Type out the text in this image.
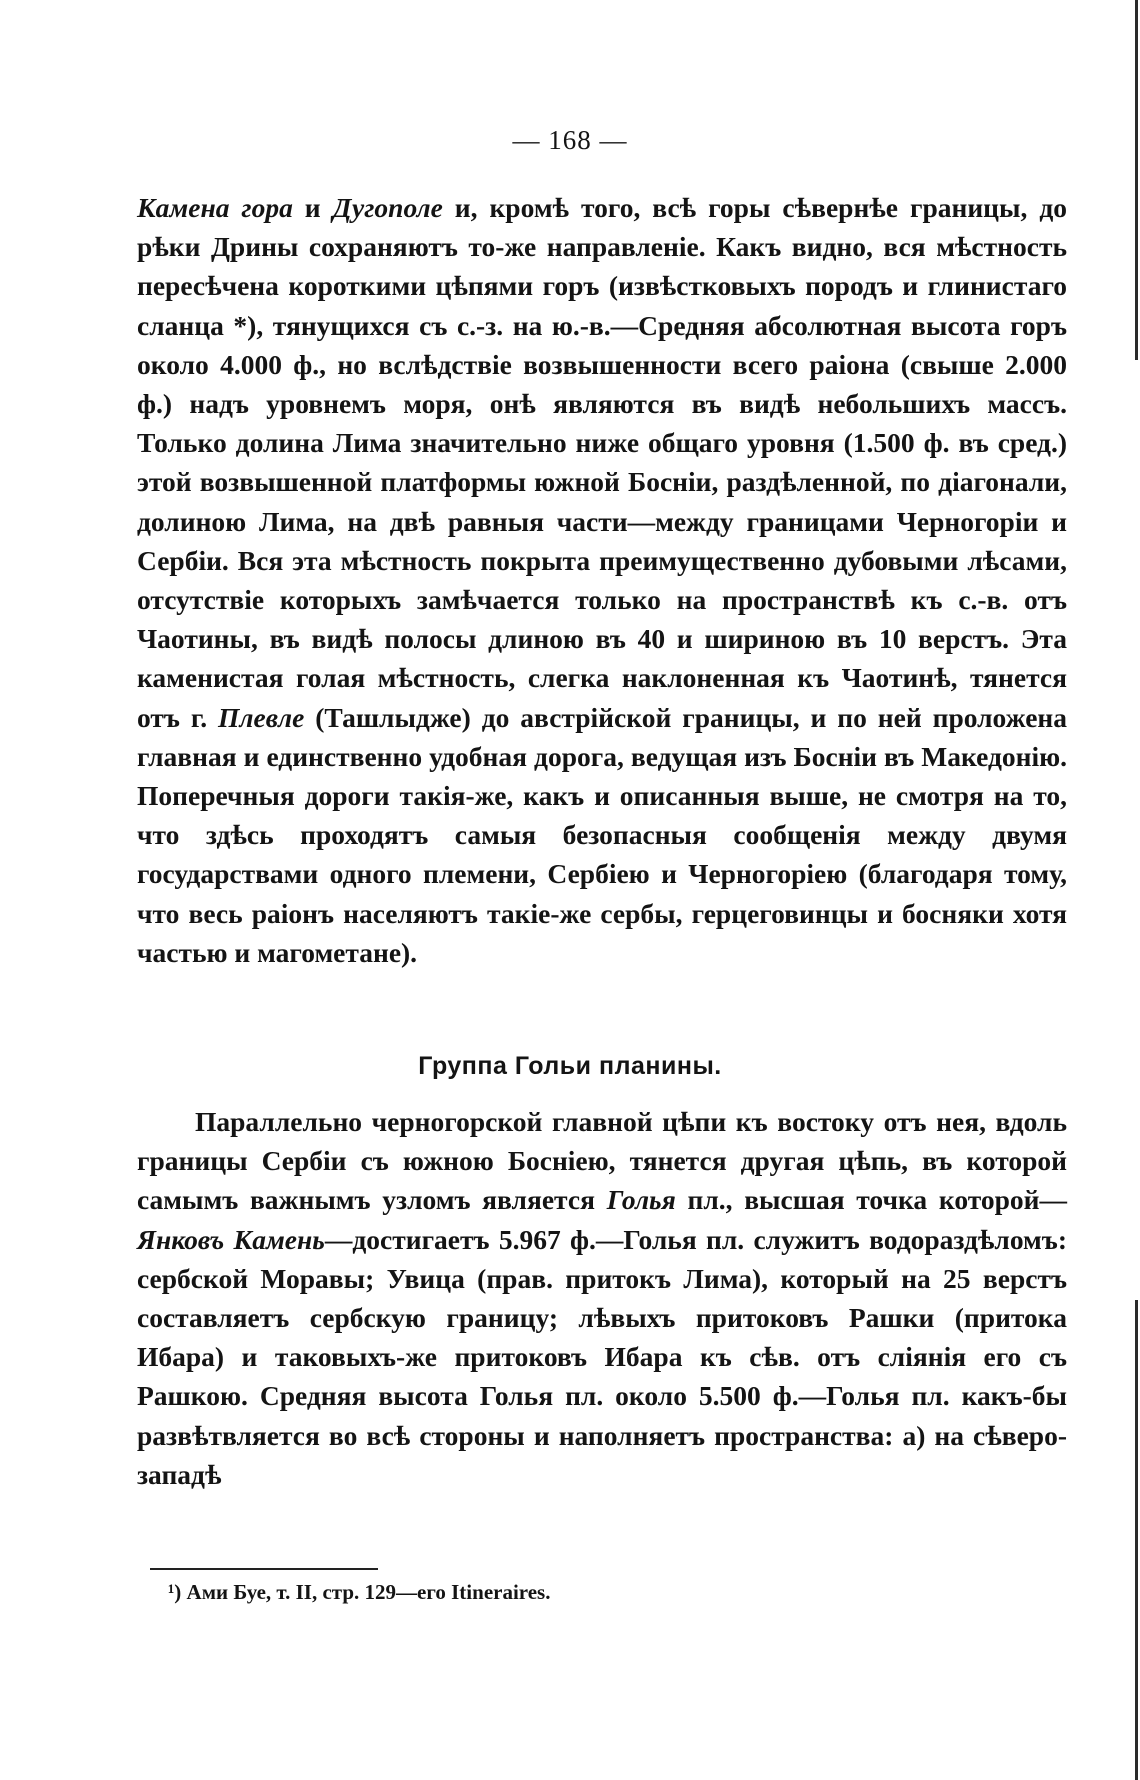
— 168 —
Камена гора и Дугополе и, кромѣ того, всѣ горы сѣвернѣе границы, до рѣки Дрины сохраняютъ то-же направленіе. Какъ видно, вся мѣстность пересѣчена короткими цѣпями горъ (извѣстковыхъ породъ и глинистаго сланца *), тянущихся съ с.-з. на ю.-в.—Средняя абсолютная высота горъ около 4.000 ф., но вслѣдствіе возвышенности всего раіона (свыше 2.000 ф.) надъ уровнемъ моря, онѣ являются въ видѣ небольшихъ массъ. Только долина Лима значительно ниже общаго уровня (1.500 ф. въ сред.) этой возвышенной платформы южной Босніи, раздѣленной, по діагонали, долиною Лима, на двѣ равныя части—между границами Черногоріи и Сербіи. Вся эта мѣстность покрыта преимущественно дубовыми лѣсами, отсутствіе которыхъ замѣчается только на пространствѣ къ с.-в. отъ Чаотины, въ видѣ полосы длиною въ 40 и шириною въ 10 верстъ. Эта каменистая голая мѣстность, слегка наклоненная къ Чаотинѣ, тянется отъ г. Плевле (Ташлыдже) до австрійской границы, и по ней проложена главная и единственно удобная дорога, ведущая изъ Босніи въ Македонію. Поперечныя дороги такія-же, какъ и описанныя выше, не смотря на то, что здѣсь проходятъ самыя безопасныя сообщенія между двумя государствами одного племени, Сербіею и Черногоріею (благодаря тому, что весь раіонъ населяютъ такіе-же сербы, герцеговинцы и босняки хотя частью и магометане).
Группа Гольи планины.
Параллельно черногорской главной цѣпи къ востоку отъ нея, вдоль границы Сербіи съ южною Босніею, тянется другая цѣпь, въ которой самымъ важнымъ узломъ является Голья пл., высшая точка которой—Янковъ Камень—достигаетъ 5.967 ф.—Голья пл. служитъ водораздѣломъ: сербской Моравы; Увица (прав. притокъ Лима), который на 25 верстъ составляетъ сербскую границу; лѣвыхъ притоковъ Рашки (притока Ибара) и таковыхъ-же притоковъ Ибара къ сѣв. отъ сліянія его съ Рашкою. Средняя высота Голья пл. около 5.500 ф.—Голья пл. какъ-бы развѣтвляется во всѣ стороны и наполняетъ пространства: а) на сѣверо-западѣ
¹) Ами Буе, т. II, стр. 129—его Itineraires.
